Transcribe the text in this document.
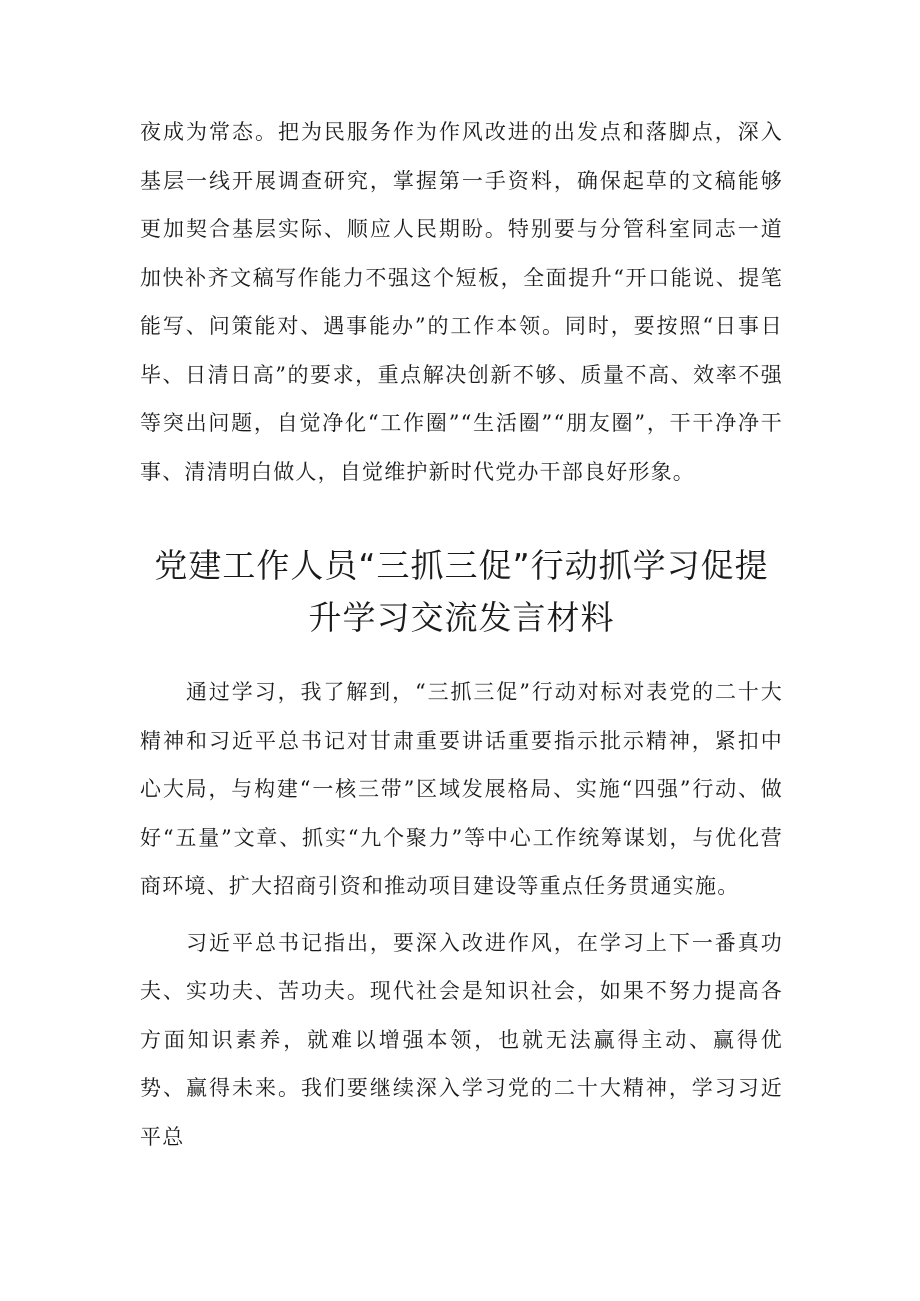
夜成为常态。把为民服务作为作风改进的出发点和落脚点，深入基层一线开展调查研究，掌握第一手资料，确保起草的文稿能够更加契合基层实际、顺应人民期盼。特别要与分管科室同志一道加快补齐文稿写作能力不强这个短板，全面提升“开口能说、提笔能写、问策能对、遇事能办”的工作本领。同时，要按照“日事日毕、日清日高”的要求，重点解决创新不够、质量不高、效率不强等突出问题，自觉净化“工作圈”“生活圈”“朋友圈”，干干净净干事、清清明白做人，自觉维护新时代党办干部良好形象。

党建工作人员“三抓三促”行动抓学习促提升学习交流发言材料

通过学习，我了解到，“三抓三促”行动对标对表党的二十大精神和习近平总书记对甘肃重要讲话重要指示批示精神，紧扣中心大局，与构建“一核三带”区域发展格局、实施“四强”行动、做好“五量”文章、抓实“九个聚力”等中心工作统筹谋划，与优化营商环境、扩大招商引资和推动项目建设等重点任务贯通实施。

习近平总书记指出，要深入改进作风，在学习上下一番真功夫、实功夫、苦功夫。现代社会是知识社会，如果不努力提高各方面知识素养，就难以增强本领，也就无法赢得主动、赢得优势、赢得未来。我们要继续深入学习党的二十大精神，学习习近平总
